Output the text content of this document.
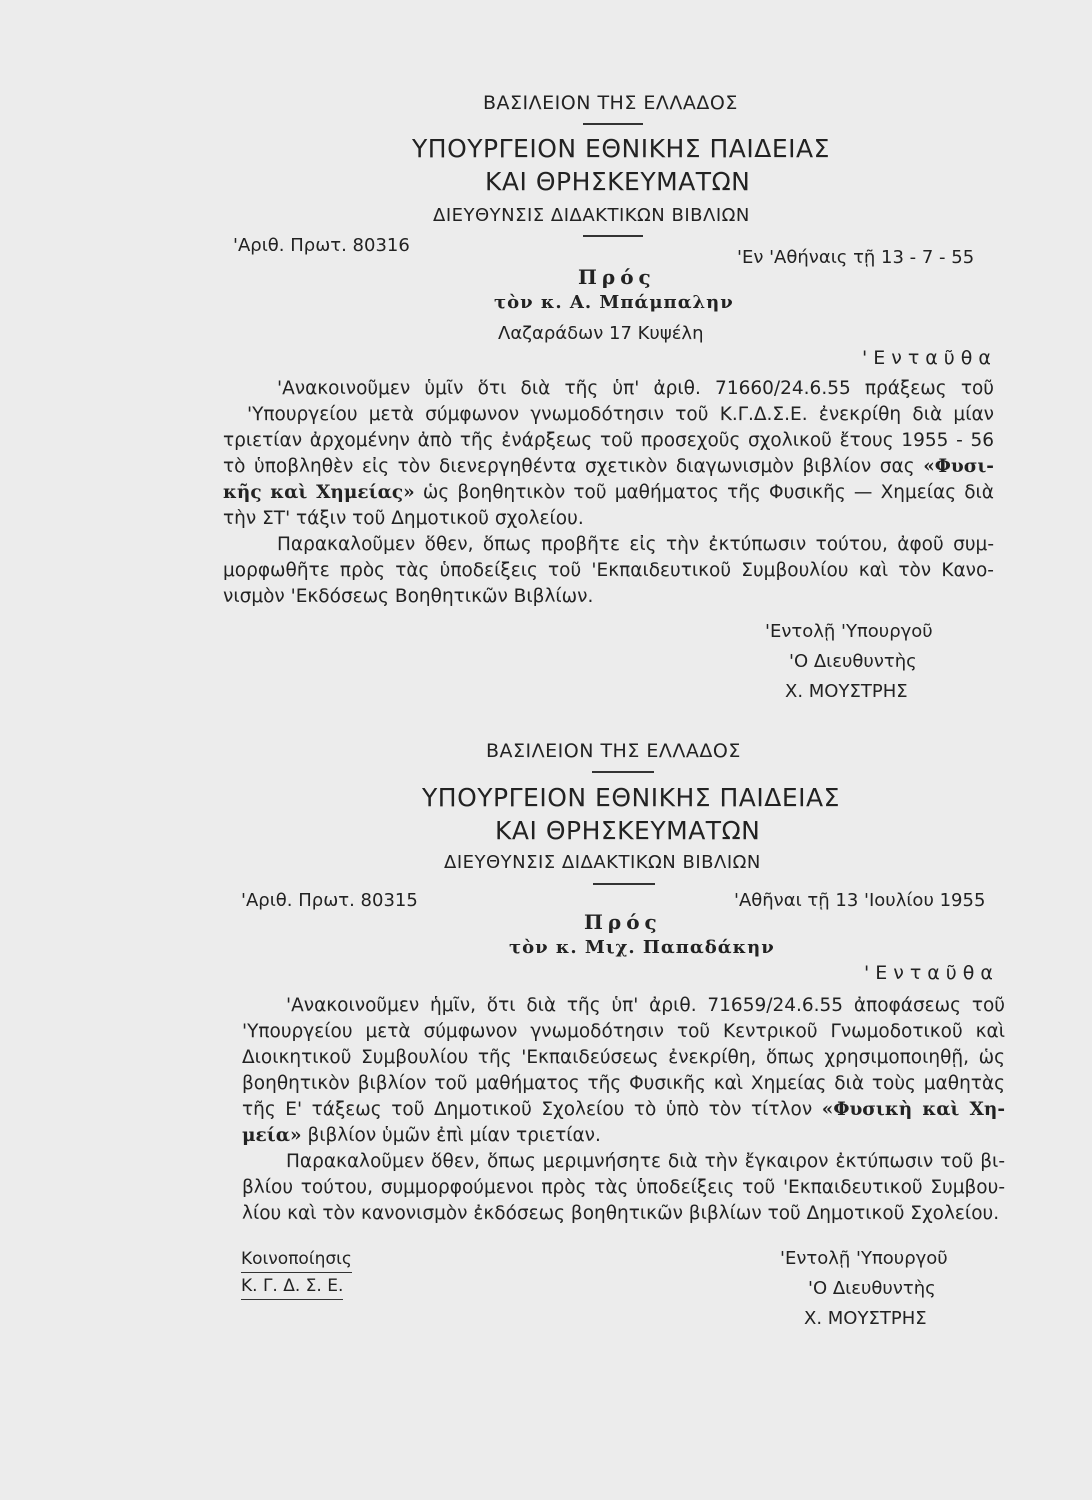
ΒΑΣΙΛΕΙΟΝ ΤΗΣ ΕΛΛΑΔΟΣ
ΥΠΟΥΡΓΕΙΟΝ ΕΘΝΙΚΗΣ ΠΑΙΔΕΙΑΣ
ΚΑΙ ΘΡΗΣΚΕΥΜΑΤΩΝ
ΔΙΕΥΘΥΝΣΙΣ ΔΙΔΑΚΤΙΚΩΝ ΒΙΒΛΙΩΝ
'Αριθ. Πρωτ. 80316
'Εν 'Αθήναις τῇ 13 - 7 - 55
Πρός
τὸν κ. Α. Μπάμπαλην
Λαζαράδων 17 Κυψέλη
'Ενταῦθα
'Ανακοινοῦμεν ὑμῖν ὅτι διὰ τῆς ὑπ' ἀριθ. 71660/24.6.55 πράξεως τοῦ
'Υπουργείου μετὰ σύμφωνον γνωμοδότησιν τοῦ Κ.Γ.Δ.Σ.Ε. ἐνεκρίθη διὰ μίαν
τριετίαν ἀρχομένην ἀπὸ τῆς ἐνάρξεως τοῦ προσεχοῦς σχολικοῦ ἔτους 1955 - 56
τὸ ὑποβληθὲν εἰς τὸν διενεργηθέντα σχετικὸν διαγωνισμὸν βιβλίον σας «Φυσι-
κῆς καὶ Χημείας» ὡς βοηθητικὸν τοῦ μαθήματος τῆς Φυσικῆς — Χημείας διὰ
τὴν ΣΤ' τάξιν τοῦ Δημοτικοῦ σχολείου.
Παρακαλοῦμεν ὅθεν, ὅπως προβῆτε εἰς τὴν ἐκτύπωσιν τούτου, ἀφοῦ συμ-
μορφωθῆτε πρὸς τὰς ὑποδείξεις τοῦ 'Εκπαιδευτικοῦ Συμβουλίου καὶ τὸν Κανο-
νισμὸν 'Εκδόσεως Βοηθητικῶν Βιβλίων.
'Εντολῇ 'Υπουργοῦ
'Ο Διευθυντὴς
Χ. ΜΟΥΣΤΡΗΣ
ΒΑΣΙΛΕΙΟΝ ΤΗΣ ΕΛΛΑΔΟΣ
ΥΠΟΥΡΓΕΙΟΝ ΕΘΝΙΚΗΣ ΠΑΙΔΕΙΑΣ
ΚΑΙ ΘΡΗΣΚΕΥΜΑΤΩΝ
ΔΙΕΥΘΥΝΣΙΣ ΔΙΔΑΚΤΙΚΩΝ ΒΙΒΛΙΩΝ
'Αριθ. Πρωτ. 80315	'Αθῆναι τῇ 13 'Ιουλίου 1955
Πρός
τὸν κ. Μιχ. Παπαδάκην
'Ενταῦθα
'Ανακοινοῦμεν ἡμῖν, ὅτι διὰ τῆς ὑπ' ἀριθ. 71659/24.6.55 ἀποφάσεως τοῦ
'Υπουργείου μετὰ σύμφωνον γνωμοδότησιν τοῦ Κεντρικοῦ Γνωμοδοτικοῦ καὶ
Διοικητικοῦ Συμβουλίου τῆς 'Εκπαιδεύσεως ἐνεκρίθη, ὅπως χρησιμοποιηθῇ, ὡς
βοηθητικὸν βιβλίον τοῦ μαθήματος τῆς Φυσικῆς καὶ Χημείας διὰ τοὺς μαθητὰς
τῆς Ε' τάξεως τοῦ Δημοτικοῦ Σχολείου τὸ ὑπὸ τὸν τίτλον «Φυσικὴ καὶ Χη-
μεία» βιβλίον ὑμῶν ἐπὶ μίαν τριετίαν.
Παρακαλοῦμεν ὅθεν, ὅπως μεριμνήσητε διὰ τὴν ἔγκαιρον ἐκτύπωσιν τοῦ βι-
βλίου τούτου, συμμορφούμενοι πρὸς τὰς ὑποδείξεις τοῦ 'Εκπαιδευτικοῦ Συμβου-
λίου καὶ τὸν κανονισμὸν ἐκδόσεως βοηθητικῶν βιβλίων τοῦ Δημοτικοῦ Σχολείου.
Κοινοποίησις
Κ. Γ. Δ. Σ. Ε.
'Εντολῇ 'Υπουργοῦ
'Ο Διευθυντὴς
Χ. ΜΟΥΣΤΡΗΣ
